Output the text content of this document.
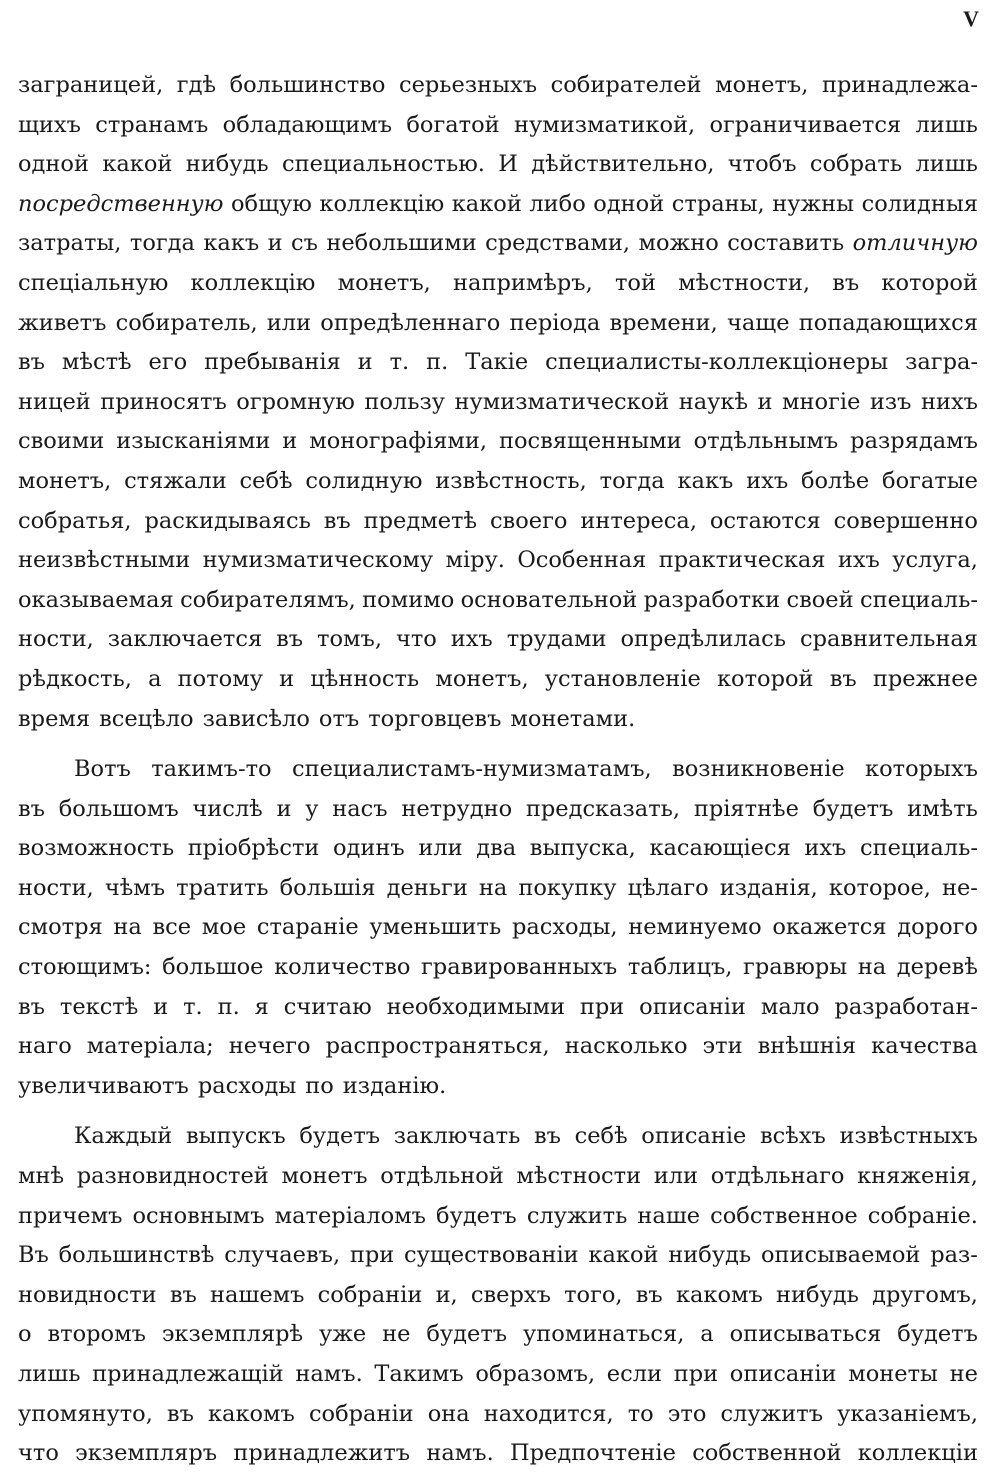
V
заграницей, гдѣ большинство серьезныхъ собирателей монетъ, принадлежа-
щихъ странамъ обладающимъ богатой нумизматикой, ограничивается лишь
одной какой нибудь специальностью. И дѣйствительно, чтобъ собрать лишь
посредственную общую коллекцію какой либо одной страны, нужны солидныя
затраты, тогда какъ и съ небольшими средствами, можно составить отличную
спеціальную коллекцію монетъ, напримѣръ, той мѣстности, въ которой
живетъ собиратель, или опредѣленнаго періода времени, чаще попадающихся
въ мѣстѣ его пребыванія и т. п. Такіе специалисты-коллекціонеры загра-
ницей приносятъ огромную пользу нумизматической наукѣ и многіе изъ нихъ
своими изысканіями и монографіями, посвященными отдѣльнымъ разрядамъ
монетъ, стяжали себѣ солидную извѣстность, тогда какъ ихъ болѣе богатые
собратья, раскидываясь въ предметѣ своего интереса, остаются совершенно
неизвѣстными нумизматическому міру. Особенная практическая ихъ услуга,
оказываемая собирателямъ, помимо основательной разработки своей специаль-
ности, заключается въ томъ, что ихъ трудами опредѣлилась сравнительная
рѣдкость, а потому и цѣнность монетъ, установленіе которой въ прежнее
время всецѣло зависѣло отъ торговцевъ монетами.
Вотъ такимъ-то специалистамъ-нумизматамъ, возникновеніе которыхъ
въ большомъ числѣ и у насъ нетрудно предсказать, пріятнѣе будетъ имѣть
возможность пріобрѣсти одинъ или два выпуска, касающіеся ихъ специаль-
ности, чѣмъ тратить большія деньги на покупку цѣлаго изданія, которое, не-
смотря на все мое стараніе уменьшить расходы, неминуемо окажется дорого
стоющимъ: большое количество гравированныхъ таблицъ, гравюры на деревѣ
въ текстѣ и т. п. я считаю необходимыми при описаніи мало разработан-
наго матеріала; нечего распространяться, насколько эти внѣшнія качества
увеличиваютъ расходы по изданію.
Каждый выпускъ будетъ заключать въ себѣ описаніе всѣхъ извѣстныхъ
мнѣ разновидностей монетъ отдѣльной мѣстности или отдѣльнаго княженія,
причемъ основнымъ матеріаломъ будетъ служить наше собственное собраніе.
Въ большинствѣ случаевъ, при существованіи какой нибудь описываемой раз-
новидности въ нашемъ собраніи и, сверхъ того, въ какомъ нибудь другомъ,
о второмъ экземплярѣ уже не будетъ упоминаться, а описываться будетъ
лишь принадлежащій намъ. Такимъ образомъ, если при описаніи монеты не
упомянуто, въ какомъ собраніи она находится, то это служитъ указаніемъ,
что экземпляръ принадлежитъ намъ. Предпочтеніе собственной коллекціи
